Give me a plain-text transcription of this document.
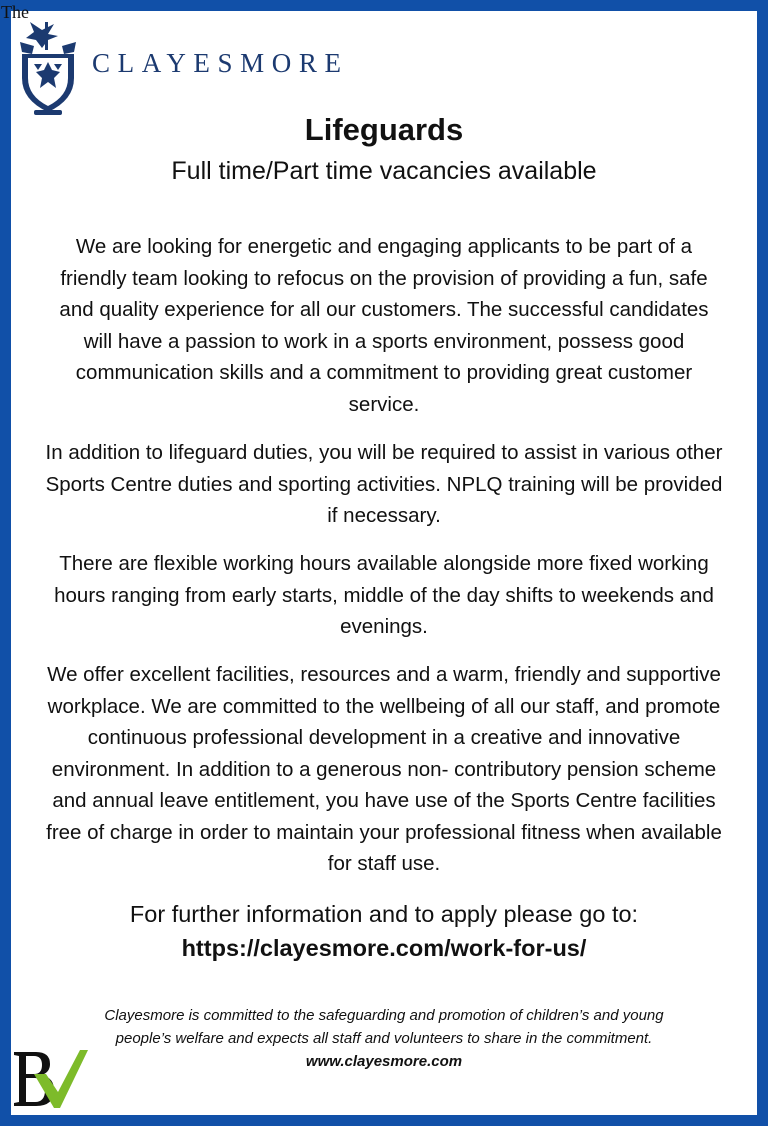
CLAYESMORE
Lifeguards
Full time/Part time vacancies available

We are looking for energetic and engaging applicants to be part of a friendly team looking to refocus on the provision of providing a fun, safe and quality experience for all our customers. The successful candidates will have a passion to work in a sports environment, possess good communication skills and a commitment to providing great customer service.

In addition to lifeguard duties, you will be required to assist in various other Sports Centre duties and sporting activities. NPLQ training will be provided if necessary.

There are flexible working hours available alongside more fixed working hours ranging from early starts, middle of the day shifts to weekends and evenings.

We offer excellent facilities, resources and a warm, friendly and supportive workplace. We are committed to the wellbeing of all our staff, and promote continuous professional development in a creative and innovative environment. In addition to a generous non- contributory pension scheme and annual leave entitlement, you have use of the Sports Centre facilities free of charge in order to maintain your professional fitness when available for staff use.

For further information and to apply please go to:
https://clayesmore.com/work-for-us/
The
Clayesmore is committed to the safeguarding and promotion of children’s and young people’s welfare and expects all staff and volunteers to share in the commitment.
www.clayesmore.com
